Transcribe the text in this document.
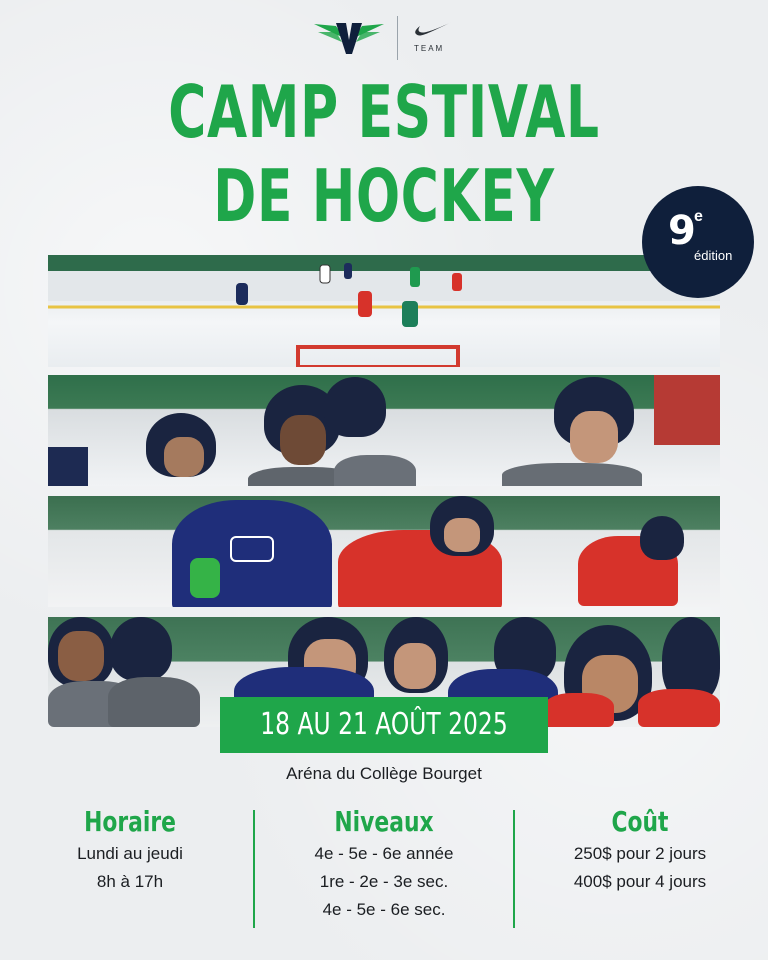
TEAM
CAMP ESTIVAL
DE HOCKEY	9
e
édition
18 AU 21 AOÛT 2025
Aréna du Collège Bourget
Horaire
Lundi au jeudi
8h à 17h
Niveaux
4e - 5e - 6e année
1re - 2e - 3e sec.
4e - 5e - 6e sec.
Coût
250$ pour 2 jours
400$ pour 4 jours
